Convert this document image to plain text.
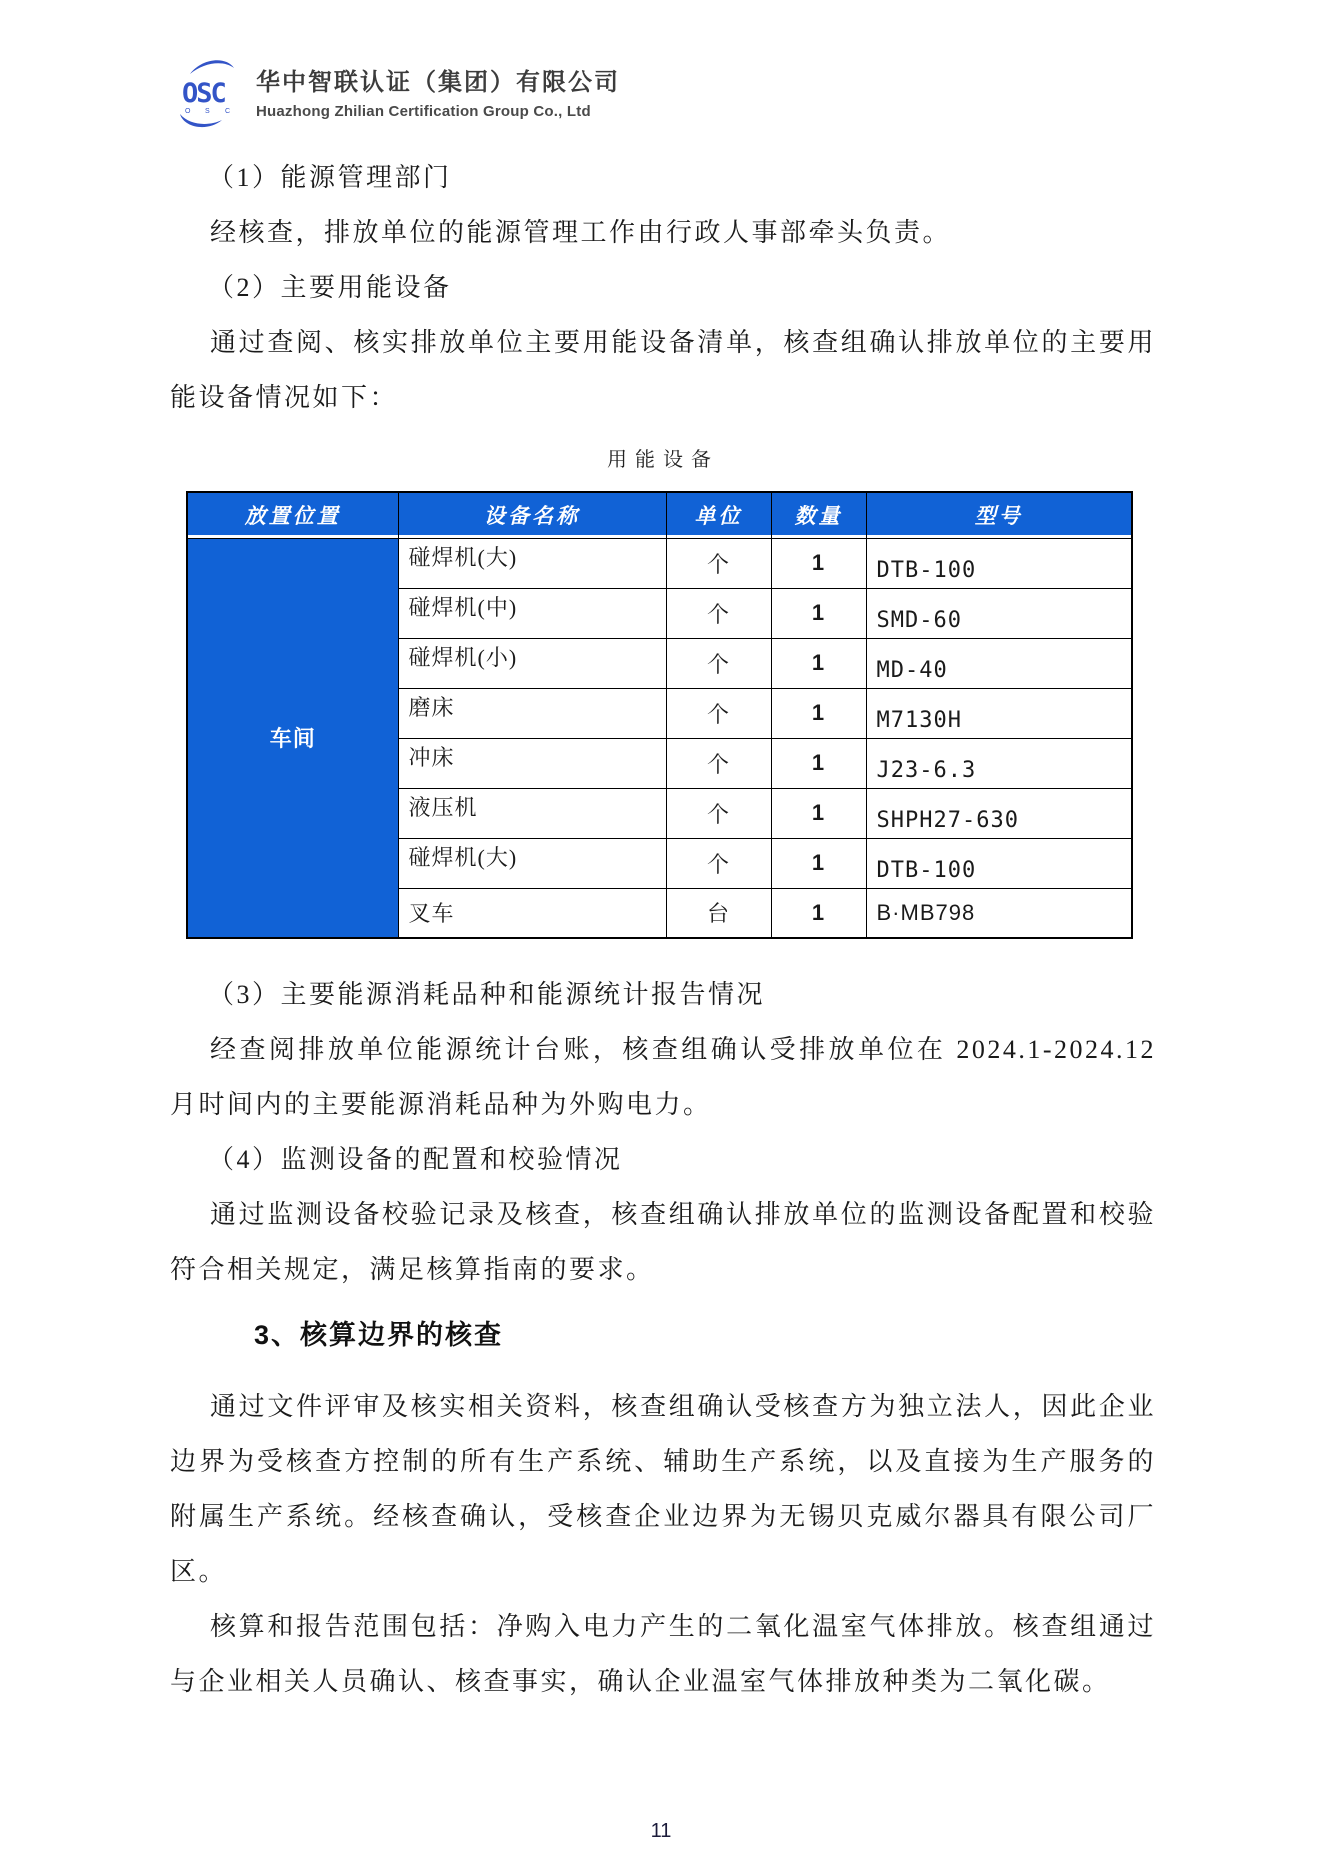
OSC
O S C
华中智联认证（集团）有限公司
Huazhong Zhilian Certification Group Co., Ltd

（1）能源管理部门

经核查，排放单位的能源管理工作由行政人事部牵头负责。

（2）主要用能设备

通过查阅、核实排放单位主要用能设备清单，核查组确认排放单位的主要用能设备情况如下：

用能设备
放置位置	设备名称	单位	数量	型号
车间	碰焊机(大)	个	1	DTB-100
	碰焊机(中)	个	1	SMD-60
	碰焊机(小)	个	1	MD-40
	磨床	个	1	M7130H
	冲床	个	1	J23-6.3
	液压机	个	1	SHPH27-630
	碰焊机(大)	个	1	DTB-100
	叉车	台	1	B·MB798

（3）主要能源消耗品种和能源统计报告情况

经查阅排放单位能源统计台账，核查组确认受排放单位在 2024.1-2024.12 月时间内的主要能源消耗品种为外购电力。

（4）监测设备的配置和校验情况

通过监测设备校验记录及核查，核查组确认排放单位的监测设备配置和校验符合相关规定，满足核算指南的要求。

3、核算边界的核查

通过文件评审及核实相关资料，核查组确认受核查方为独立法人，因此企业边界为受核查方控制的所有生产系统、辅助生产系统，以及直接为生产服务的附属生产系统。经核查确认，受核查企业边界为无锡贝克威尔器具有限公司厂区。

核算和报告范围包括：净购入电力产生的二氧化温室气体排放。核查组通过与企业相关人员确认、核查事实，确认企业温室气体排放种类为二氧化碳。

11
